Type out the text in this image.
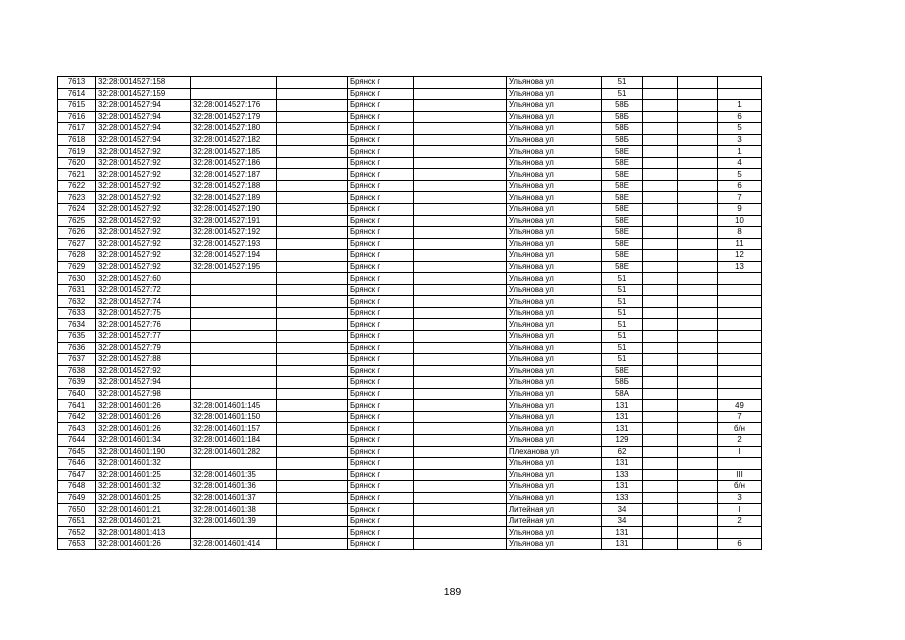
7613	32:28:0014527:158			Брянск г		Ульянова ул	51			
7614	32:28:0014527:159			Брянск г		Ульянова ул	51			
7615	32:28:0014527:94	32:28:0014527:176		Брянск г		Ульянова ул	58Б			1
7616	32:28:0014527:94	32:28:0014527:179		Брянск г		Ульянова ул	58Б			6
7617	32:28:0014527:94	32:28:0014527:180		Брянск г		Ульянова ул	58Б			5
7618	32:28:0014527:94	32:28:0014527:182		Брянск г		Ульянова ул	58Б			3
7619	32:28:0014527:92	32:28:0014527:185		Брянск г		Ульянова ул	58Е			1
7620	32:28:0014527:92	32:28:0014527:186		Брянск г		Ульянова ул	58Е			4
7621	32:28:0014527:92	32:28:0014527:187		Брянск г		Ульянова ул	58Е			5
7622	32:28:0014527:92	32:28:0014527:188		Брянск г		Ульянова ул	58Е			6
7623	32:28:0014527:92	32:28:0014527:189		Брянск г		Ульянова ул	58Е			7
7624	32:28:0014527:92	32:28:0014527:190		Брянск г		Ульянова ул	58Е			9
7625	32:28:0014527:92	32:28:0014527:191		Брянск г		Ульянова ул	58Е			10
7626	32:28:0014527:92	32:28:0014527:192		Брянск г		Ульянова ул	58Е			8
7627	32:28:0014527:92	32:28:0014527:193		Брянск г		Ульянова ул	58Е			11
7628	32:28:0014527:92	32:28:0014527:194		Брянск г		Ульянова ул	58Е			12
7629	32:28:0014527:92	32:28:0014527:195		Брянск г		Ульянова ул	58Е			13
7630	32:28:0014527:60			Брянск г		Ульянова ул	51			
7631	32:28:0014527:72			Брянск г		Ульянова ул	51			
7632	32:28:0014527:74			Брянск г		Ульянова ул	51			
7633	32:28:0014527:75			Брянск г		Ульянова ул	51			
7634	32:28:0014527:76			Брянск г		Ульянова ул	51			
7635	32:28:0014527:77			Брянск г		Ульянова ул	51			
7636	32:28:0014527:79			Брянск г		Ульянова ул	51			
7637	32:28:0014527:88			Брянск г		Ульянова ул	51			
7638	32:28:0014527:92			Брянск г		Ульянова ул	58Е			
7639	32:28:0014527:94			Брянск г		Ульянова ул	58Б			
7640	32:28:0014527:98			Брянск г		Ульянова ул	58А			
7641	32:28:0014601:26	32:28:0014601:145		Брянск г		Ульянова ул	131			49
7642	32:28:0014601:26	32:28:0014601:150		Брянск г		Ульянова ул	131			7
7643	32:28:0014601:26	32:28:0014601:157		Брянск г		Ульянова ул	131			б/н
7644	32:28:0014601:34	32:28:0014601:184		Брянск г		Ульянова ул	129			2
7645	32:28:0014601:190	32:28:0014601:282		Брянск г		Плеханова ул	62			I
7646	32:28:0014601:32			Брянск г		Ульянова ул	131			
7647	32:28:0014601:25	32:28:0014601:35		Брянск г		Ульянова ул	133			III
7648	32:28:0014601:32	32:28:0014601:36		Брянск г		Ульянова ул	131			б/н
7649	32:28:0014601:25	32:28:0014601:37		Брянск г		Ульянова ул	133			3
7650	32:28:0014601:21	32:28:0014601:38		Брянск г		Литейная ул	34			I
7651	32:28:0014601:21	32:28:0014601:39		Брянск г		Литейная ул	34			2
7652	32:28:0014801:413			Брянск г		Ульянова ул	131			
7653	32:28:0014601:26	32:28:0014601:414		Брянск г		Ульянова ул	131			6
189
